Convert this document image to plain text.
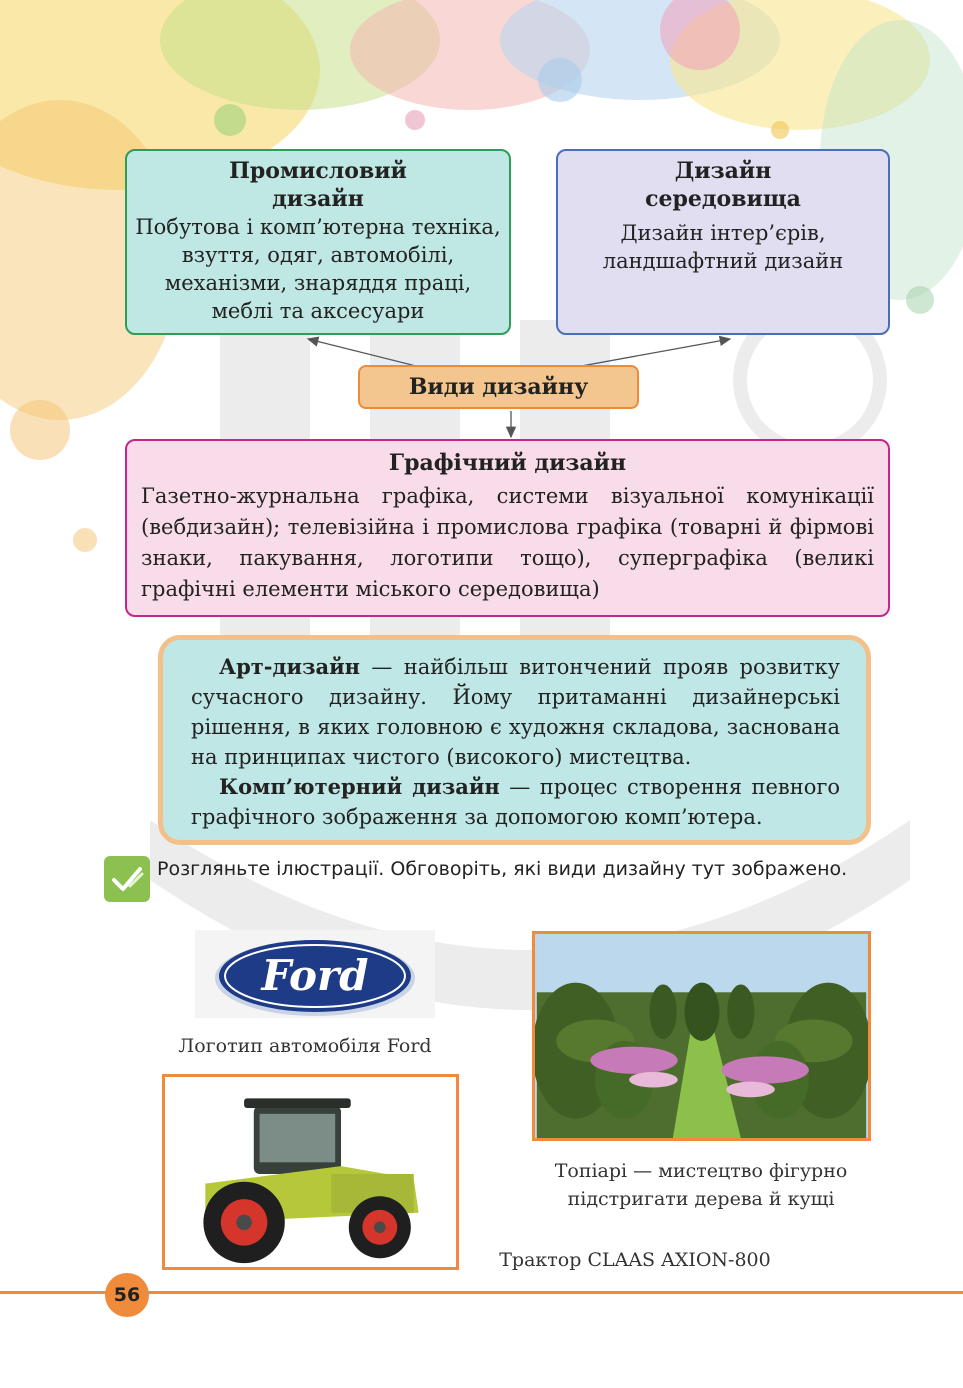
Промисловий дизайн
Побутова і комп’ютерна техніка, взуття, одяг, автомобілі, механізми, знаряддя праці, меблі та аксесуари
Дизайн середовища
Дизайн інтер’єрів, ландшафтний дизайн
Види дизайну
Графічний дизайн
Газетно-журнальна графіка, системи візуальної комунікації (вебдизайн); телевізійна і промислова графіка (товарні й фірмові знаки, пакування, логотипи тощо), суперграфіка (великі графічні елементи міського середовища)

Арт-дизайн — найбільш витончений прояв розвитку сучасного дизайну. Йому притаманні дизайнерські рішення, в яких головною є художня складова, заснована на принципах чистого (високого) мистецтва.

Комп’ютерний дизайн — процес створення певного графічного зображення за допомогою комп’ютера.

Розгляньте ілюстрації. Обговоріть, які види дизайну тут зображено.
Ford
Логотип автомобіля Ford
Трактор CLAAS AXION-800
Топіарі — мистецтво фігурно підстригати дерева й кущі
56
